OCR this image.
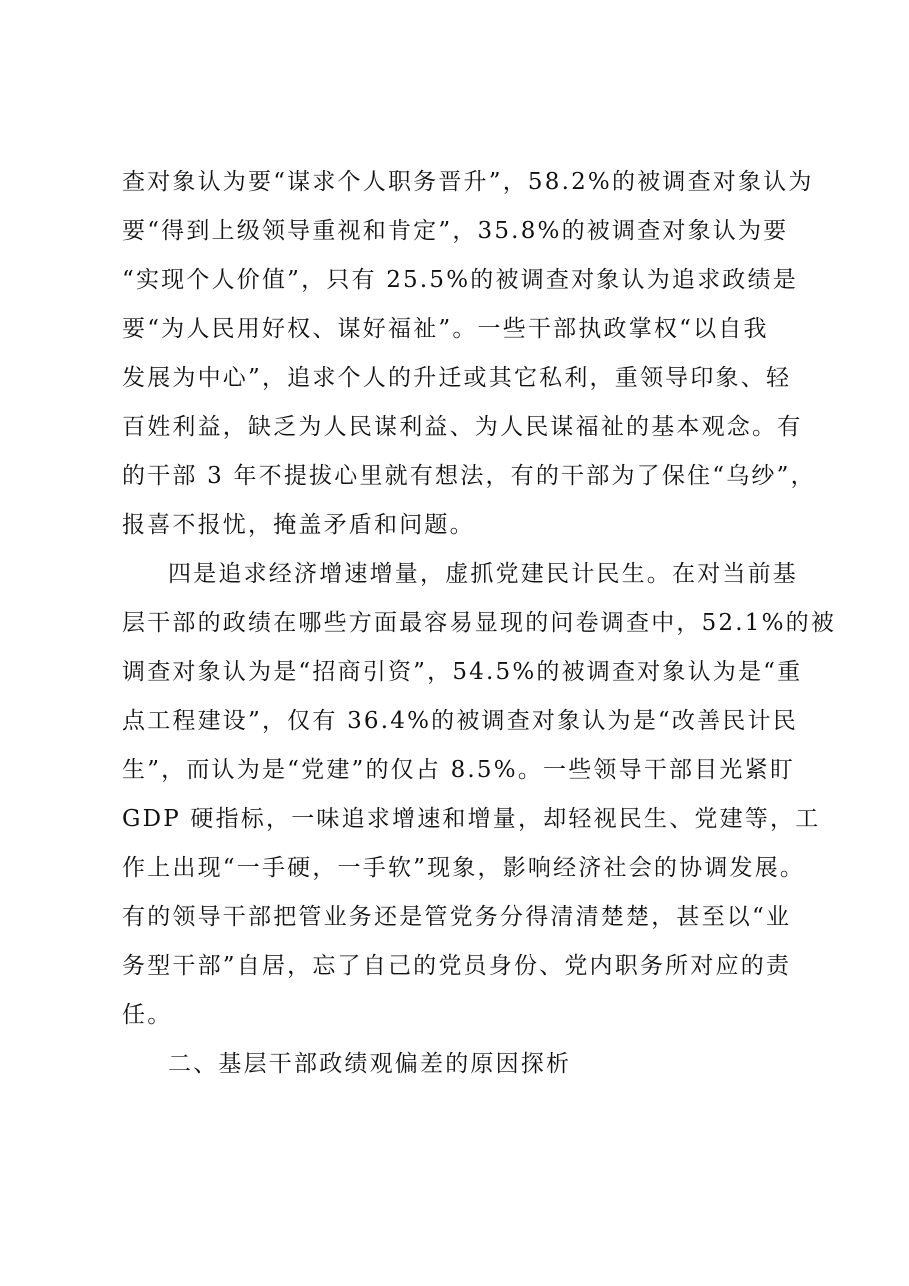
查对象认为要“谋求个人职务晋升”，58.2%的被调查对象认为
要“得到上级领导重视和肯定”，35.8%的被调查对象认为要
“实现个人价值”，只有 25.5%的被调查对象认为追求政绩是
要“为人民用好权、谋好福祉”。一些干部执政掌权“以自我
发展为中心”，追求个人的升迁或其它私利，重领导印象、轻
百姓利益，缺乏为人民谋利益、为人民谋福祉的基本观念。有
的干部 3 年不提拔心里就有想法，有的干部为了保住“乌纱”，
报喜不报忧，掩盖矛盾和问题。
四是追求经济增速增量，虚抓党建民计民生。在对当前基
层干部的政绩在哪些方面最容易显现的问卷调查中，52.1%的被
调查对象认为是“招商引资”，54.5%的被调查对象认为是“重
点工程建设”，仅有 36.4%的被调查对象认为是“改善民计民
生”，而认为是“党建”的仅占 8.5%。一些领导干部目光紧盯
GDP 硬指标，一味追求增速和增量，却轻视民生、党建等，工
作上出现“一手硬，一手软”现象，影响经济社会的协调发展。
有的领导干部把管业务还是管党务分得清清楚楚，甚至以“业
务型干部”自居，忘了自己的党员身份、党内职务所对应的责
任。
二、基层干部政绩观偏差的原因探析
